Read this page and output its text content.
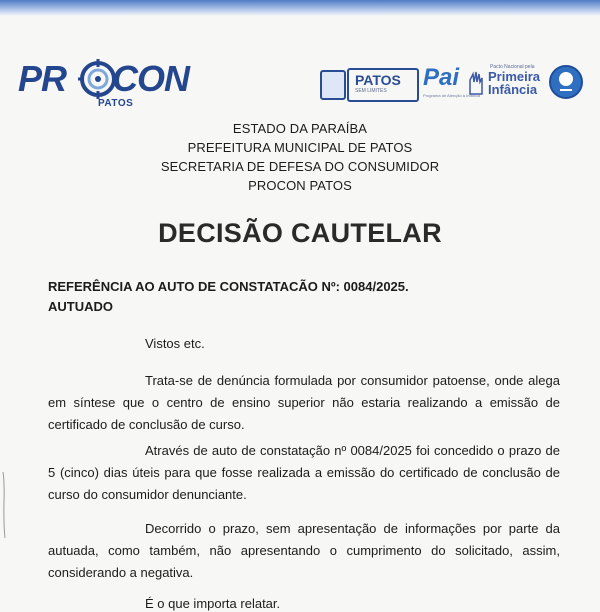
PR CON
PATOS
PATOS
SEM LIMITES Pai
Programa de Atenção à Infância
Pacto Nacional pela
Primeira
Infância
ESTADO DA PARAÍBA
PREFEITURA MUNICIPAL DE PATOS
SECRETARIA DE DEFESA DO CONSUMIDOR
PROCON PATOS
DECISÃO CAUTELAR
REFERÊNCIA AO AUTO DE CONSTATACÃO Nº: 0084/2025.
AUTUADO
Vistos etc.
Trata-se de denúncia formulada por consumidor patoense, onde alega em síntese que o centro de ensino superior não estaria realizando a emissão de certificado de conclusão de curso.
Através de auto de constatação nº 0084/2025 foi concedido o prazo de 5 (cinco) dias úteis para que fosse realizada a emissão do certificado de conclusão de curso do consumidor denunciante.
Decorrido o prazo, sem apresentação de informações por parte da autuada, como também, não apresentando o cumprimento do solicitado, assim, considerando a negativa.
É o que importa relatar.
